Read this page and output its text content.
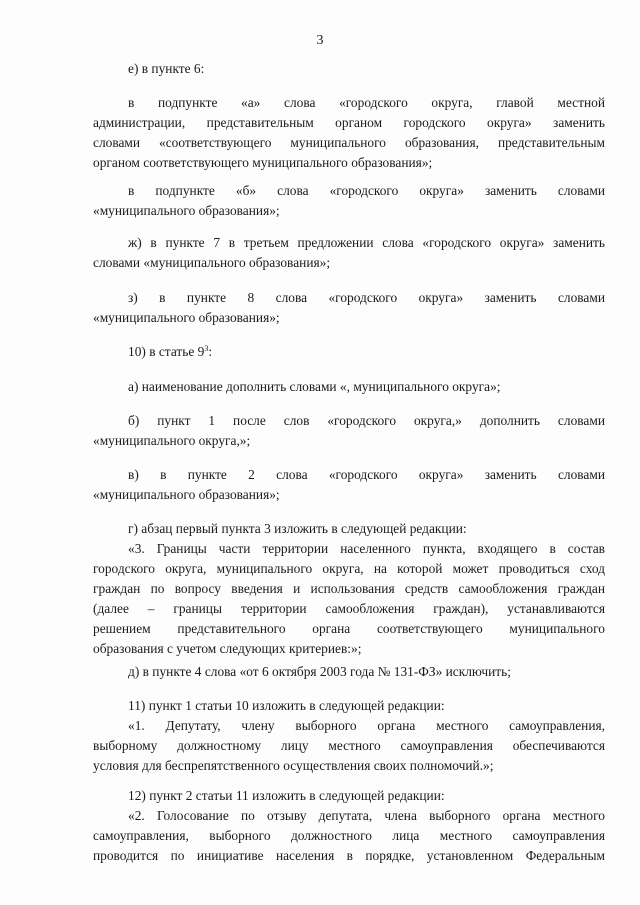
3
е) в пункте 6:
в подпункте «а» слова «городского округа, главой местной
администрации, представительным органом городского округа» заменить
словами «соответствующего муниципального образования, представительным
органом соответствующего муниципального образования»;
в подпункте «б» слова «городского округа» заменить словами
«муниципального образования»;
ж) в пункте 7 в третьем предложении слова «городского округа» заменить
словами «муниципального образования»;
з) в пункте 8 слова «городского округа» заменить словами
«муниципального образования»;
10) в статье $9^3$:
а) наименование дополнить словами «, муниципального округа»;
б) пункт 1 после слов «городского округа,» дополнить словами
«муниципального округа,»;
в) в пункте 2 слова «городского округа» заменить словами
«муниципального образования»;
г) абзац первый пункта 3 изложить в следующей редакции:
«3. Границы части территории населенного пункта, входящего в состав
городского округа, муниципального округа, на которой может проводиться сход
граждан по вопросу введения и использования средств самообложения граждан
(далее – границы территории самообложения граждан), устанавливаются
решением представительного органа соответствующего муниципального
образования с учетом следующих критериев:»;
д) в пункте 4 слова «от 6 октября 2003 года № 131-ФЗ» исключить;
11) пункт 1 статьи 10 изложить в следующей редакции:
«1. Депутату, члену выборного органа местного самоуправления,
выборному должностному лицу местного самоуправления обеспечиваются
условия для беспрепятственного осуществления своих полномочий.»;
12) пункт 2 статьи 11 изложить в следующей редакции:
«2. Голосование по отзыву депутата, члена выборного органа местного
самоуправления, выборного должностного лица местного самоуправления
проводится по инициативе населения в порядке, установленном Федеральным
